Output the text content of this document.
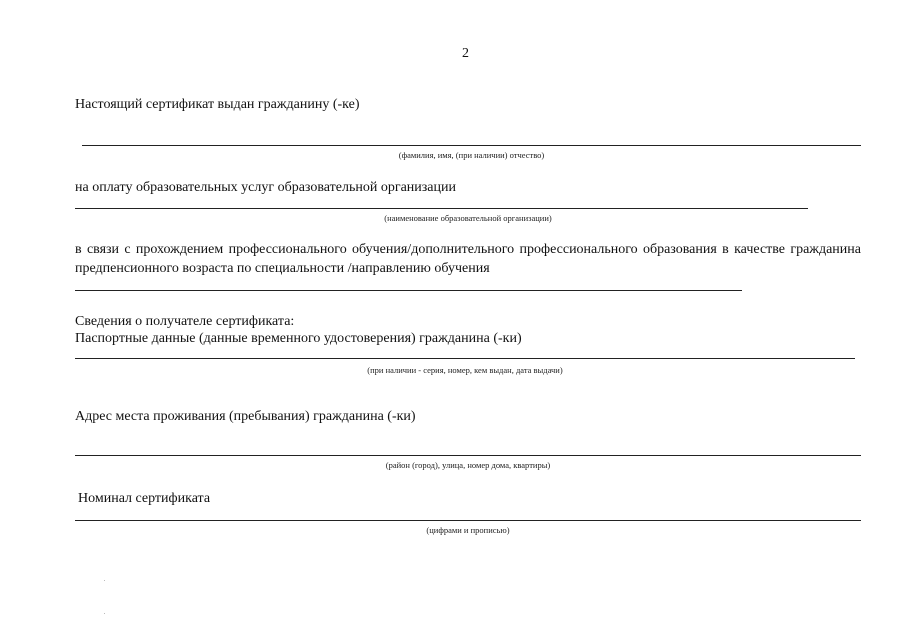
2
Настоящий сертификат выдан гражданину (-ке)
(фамилия, имя, (при наличии) отчество)
на оплату образовательных услуг образовательной организации
(наименование образовательной организации)
в связи с прохождением профессионального обучения/дополнительного профессионального образования в качестве гражданина предпенсионного возраста по специальности /направлению обучения
Сведения о получателе сертификата:
Паспортные данные (данные временного удостоверения) гражданина (-ки)
(при наличии - серия, номер, кем выдан, дата выдачи)
Адрес места проживания (пребывания) гражданина (-ки)
(район (город), улица, номер дома, квартиры)
Номинал сертификата
(цифрами и прописью)
